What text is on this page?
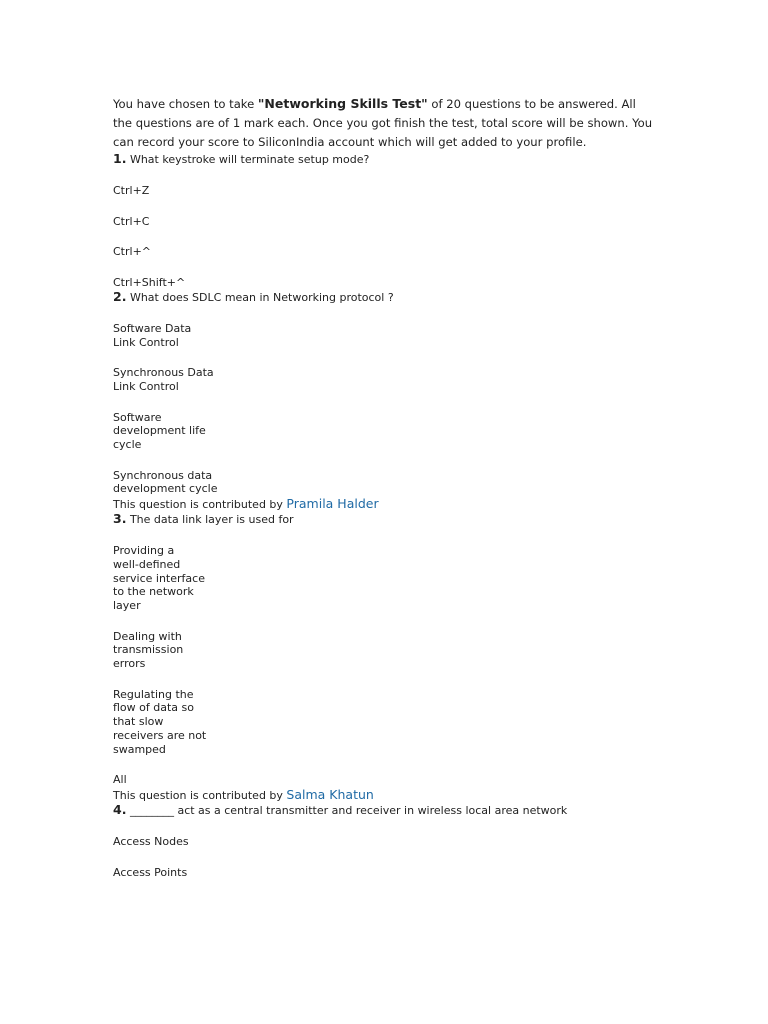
You have chosen to take "Networking Skills Test" of 20 questions to be answered. All the questions are of 1 mark each. Once you got finish the test, total score will be shown. You can record your score to SiliconIndia account which will get added to your profile.

1. What keystroke will terminate setup mode?

Ctrl+Z

Ctrl+C

Ctrl+^

Ctrl+Shift+^

2. What does SDLC mean in Networking protocol ?

Software Data
Link Control

Synchronous Data
Link Control

Software
development life
cycle

Synchronous data
development cycle

This question is contributed by Pramila Halder

3. The data link layer is used for

Providing a
well-defined
service interface
to the network
layer

Dealing with
transmission
errors

Regulating the
flow of data so
that slow
receivers are not
swamped

All

This question is contributed by Salma Khatun

4. ________ act as a central transmitter and receiver in wireless local area network

Access Nodes

Access Points
